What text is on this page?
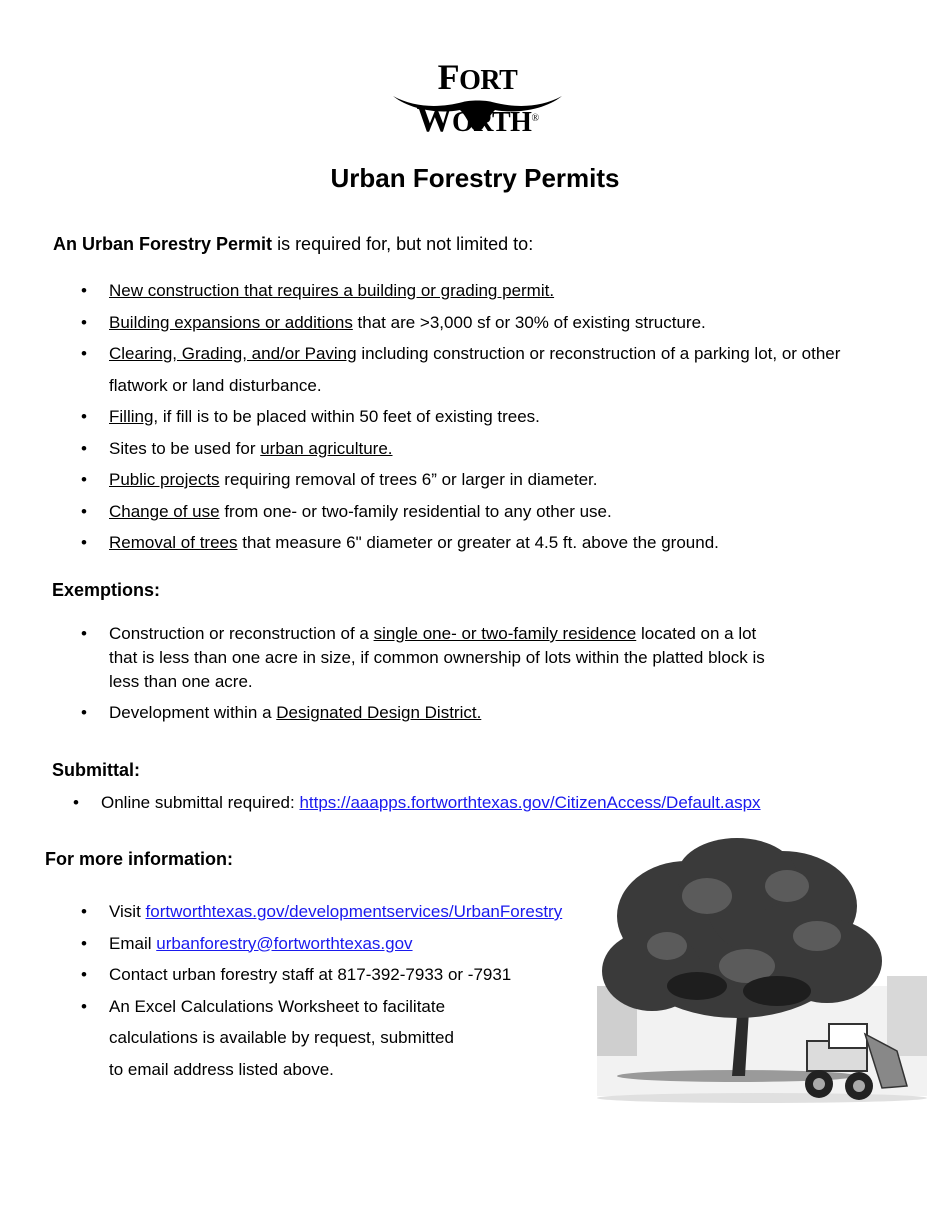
FORT WORTH®
Urban Forestry Permits

An Urban Forestry Permit is required for, but not limited to:

• New construction that requires a building or grading permit.
• Building expansions or additions that are >3,000 sf or 30% of existing structure.
• Clearing, Grading, and/or Paving including construction or reconstruction of a parking lot, or other flatwork or land disturbance.
• Filling, if fill is to be placed within 50 feet of existing trees.
• Sites to be used for urban agriculture.
• Public projects requiring removal of trees 6” or larger in diameter.
• Change of use from one- or two-family residential to any other use.
• Removal of trees that measure 6" diameter or greater at 4.5 ft. above the ground.
Exemptions:
• Construction or reconstruction of a single one- or two-family residence located on a lot that is less than one acre in size, if common ownership of lots within the platted block is less than one acre.
• Development within a Designated Design District.
Submittal:
• Online submittal required: https://aaapps.fortworthtexas.gov/CitizenAccess/Default.aspx
For more information:
• Visit fortworthtexas.gov/developmentservices/UrbanForestry
• Email urbanforestry@fortworthtexas.gov
• Contact urban forestry staff at 817-392-7933 or -7931
• An Excel Calculations Worksheet to facilitate
calculations is available by request, submitted
to email address listed above.
